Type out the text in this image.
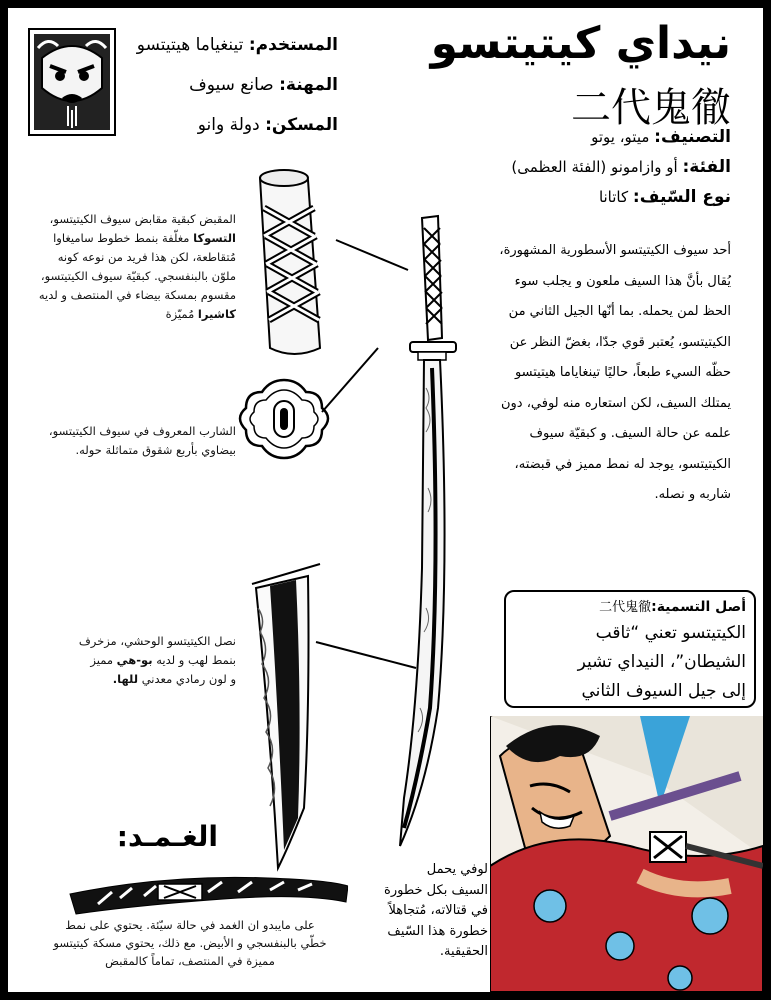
نيداي كيتيتسو
二代鬼徹
المستخدم: تينغياما هيتيتسو
المهنة: صانع سيوف
المسكن: دولة وانو
التصنيف: ميتو، يوتو
الفئة: أو وازامونو (الفئة العظمى)
نوع السّيف: كاتانا
أحد سيوف الكيتيتسو الأسطورية المشهورة،
يُقال بأنَّ هذا السيف ملعون و يجلب سوء
الحظ لمن يحمله. بما أنّها الجيل الثاني من
الكيتيتسو، يُعتبر قوي جدّا، بغضّ النظر عن
حظّه السيء طبعاً، حاليًا تينغاياما هيتيتسو
يمتلك السيف، لكن استعاره منه لوفي، دون
علمه عن حالة السيف. و كبقيّة سيوف
الكيتيتسو، يوجد له نمط مميز في قبضته،
شاربه و نصله.
المقبض كبقية مقابض سيوف الكيتيتسو،
التسوكا مغلّفة بنمط خطوط ساميغاوا
مُتقاطعة، لكن هذا فريد من نوعه كونه
ملوّن بالبنفسجي. كبقيّة سيوف الكيتيتسو،
مقسوم بمسكة بيضاء في المنتصف و لديه
كاشيرا مُميّزة
الشارب المعروف في سيوف الكيتيتسو،
بيضاوي بأربع شقوق متماثلة حوله.
نصل الكيتيتسو الوحشي، مزخرف
بنمط لهب و لديه بو-هي مميز
و لون رمادي معدني للها.
الغـمـد:
على مايبدو ان الغمد في حالة سيّئة. يحتوي على نمط
خطّي بالبنفسجي و الأبيض. مع ذلك، يحتوي مسكة كيتيتسو
مميزة في المنتصف، تماماً كالمقبض
أصل التسمية:二代鬼徹
الكيتيتسو تعني “ثاقب
الشيطان”، النيداي تشير
إلى جيل السيوف الثاني
لوفي يحمل
السيف بكل خطورة
في قتالاته، مُتجاهلاً
خطورة هذا السّيف
الحقيقية.
